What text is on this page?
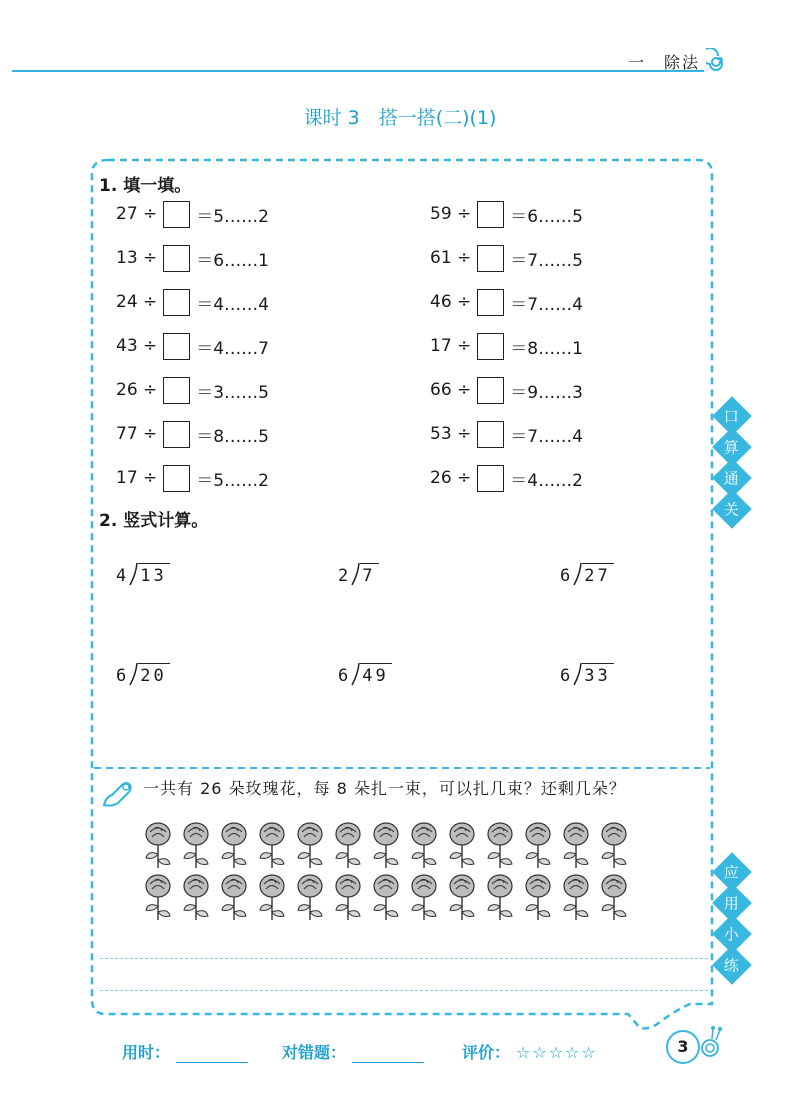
一　除法
课时 3　搭一搭(二)(1)
1. 填一填。
27 ÷ ＝5……2
13 ÷ ＝6……1
24 ÷ ＝4……4
43 ÷ ＝4……7
26 ÷ ＝3……5
77 ÷ ＝8……5
17 ÷ ＝5……2
59 ÷ ＝6……5
61 ÷ ＝7……5
46 ÷ ＝7……4
17 ÷ ＝8……1
66 ÷ ＝9……3
53 ÷ ＝7……4
26 ÷ ＝4……2
2. 竖式计算。
4 13	2 7	6 27
6 20	6 49	6 33
一共有 26 朵玫瑰花，每 8 朵扎一束，可以扎几束？还剩几朵？
口
算
通
关
应
用
小
练
用时：	对错题：	评价： ☆☆☆☆☆	3
